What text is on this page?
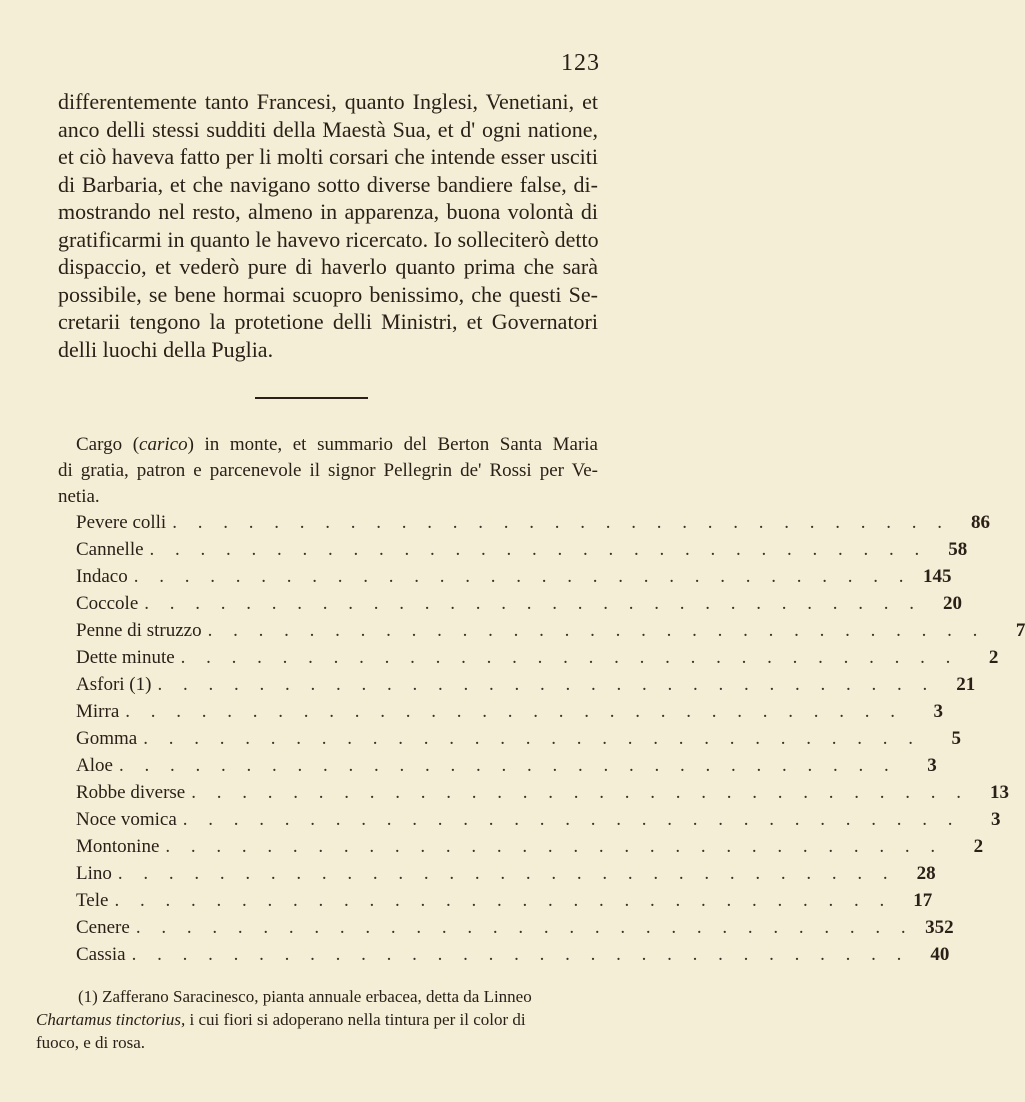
123
differentemente tanto Francesi, quanto Inglesi, Venetiani, et
anco delli stessi sudditi della Maestà Sua, et d' ogni natione,
et ciò haveva fatto per li molti corsari che intende esser usciti
di Barbaria, et che navigano sotto diverse bandiere false, di-
mostrando nel resto, almeno in apparenza, buona volontà di
gratificarmi in quanto le havevo ricercato. Io solleciterò detto
dispaccio, et vederò pure di haverlo quanto prima che sarà
possibile, se bene hormai scuopro benissimo, che questi Se-
cretarii tengono la protetione delli Ministri, et Governatori
delli luochi della Puglia.
Cargo (carico) in monte, et summario del Berton Santa Maria
di gratia, patron e parcenevole il signor Pellegrin de' Rossi per Ve-
netia.
Pevere colli . . . . . . . . . . . . . . . . . . . . . . . . . . . . . . .	86
Cannelle . . . . . . . . . . . . . . . . . . . . . . . . . . . . . . .	58
Indaco . . . . . . . . . . . . . . . . . . . . . . . . . . . . . . . 145
Coccole . . . . . . . . . . . . . . . . . . . . . . . . . . . . . . .	20
Penne di struzzo . . . . . . . . . . . . . . . . . . . . . . . . . . . . . . .	7
Dette minute . . . . . . . . . . . . . . . . . . . . . . . . . . . . . . .	2
Asfori (1) . . . . . . . . . . . . . . . . . . . . . . . . . . . . . . .	21
Mirra . . . . . . . . . . . . . . . . . . . . . . . . . . . . . . .	3
Gomma . . . . . . . . . . . . . . . . . . . . . . . . . . . . . . .	5
Aloe . . . . . . . . . . . . . . . . . . . . . . . . . . . . . . .	3
Robbe diverse . . . . . . . . . . . . . . . . . . . . . . . . . . . . . . .	13
Noce vomica . . . . . . . . . . . . . . . . . . . . . . . . . . . . . . .	3
Montonine . . . . . . . . . . . . . . . . . . . . . . . . . . . . . . .	2
Lino . . . . . . . . . . . . . . . . . . . . . . . . . . . . . . .	28
Tele . . . . . . . . . . . . . . . . . . . . . . . . . . . . . . .	17
Cenere . . . . . . . . . . . . . . . . . . . . . . . . . . . . . . . 352
Cassia . . . . . . . . . . . . . . . . . . . . . . . . . . . . . . .	40
(1) Zafferano Saracinesco, pianta annuale erbacea, detta da Linneo
Chartamus tinctorius, i cui fiori si adoperano nella tintura per il color di
fuoco, e di rosa.
